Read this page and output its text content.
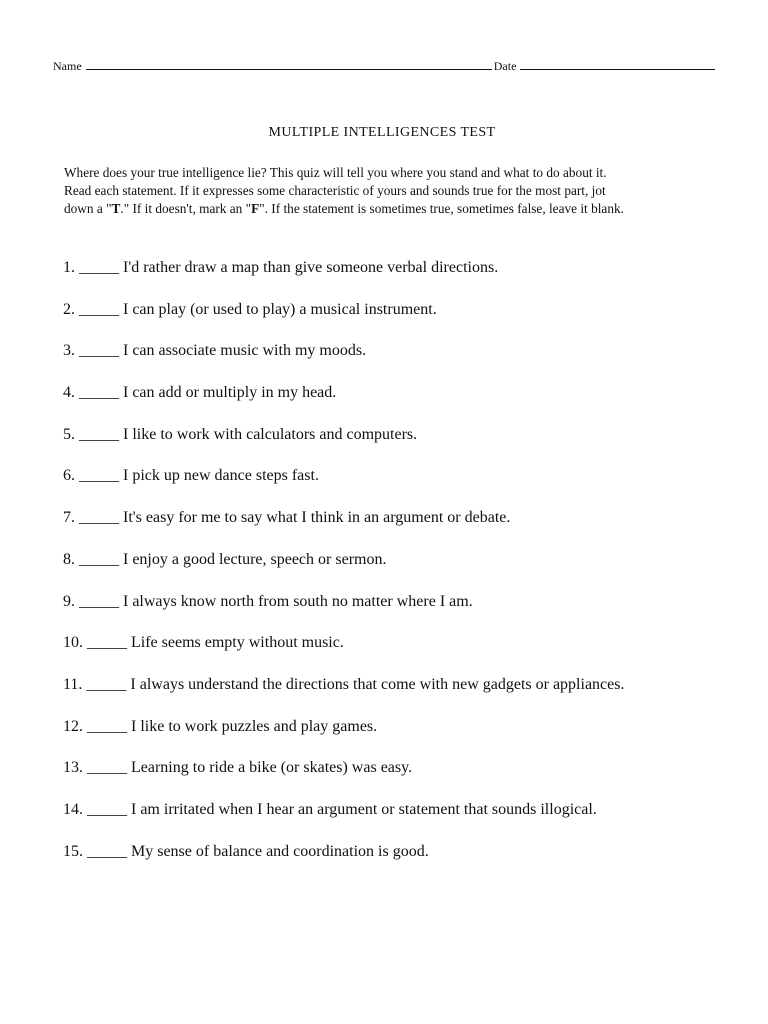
Name	Date
MULTIPLE INTELLIGENCES TEST

Where does your true intelligence lie? This quiz will tell you where you stand and what to do about it.

Read each statement. If it expresses some characteristic of yours and sounds true for the most part, jot

down a "T." If it doesn't, mark an "F". If the statement is sometimes true, sometimes false, leave it blank.

1. _____ I'd rather draw a map than give someone verbal directions.
2. _____ I can play (or used to play) a musical instrument.
3. _____ I can associate music with my moods.
4. _____ I can add or multiply in my head.
5. _____ I like to work with calculators and computers.
6. _____ I pick up new dance steps fast.
7. _____ It's easy for me to say what I think in an argument or debate.
8. _____ I enjoy a good lecture, speech or sermon.
9. _____ I always know north from south no matter where I am.
10. _____ Life seems empty without music.
11. _____ I always understand the directions that come with new gadgets or appliances.
12. _____ I like to work puzzles and play games.
13. _____ Learning to ride a bike (or skates) was easy.
14. _____ I am irritated when I hear an argument or statement that sounds illogical.
15. _____ My sense of balance and coordination is good.
